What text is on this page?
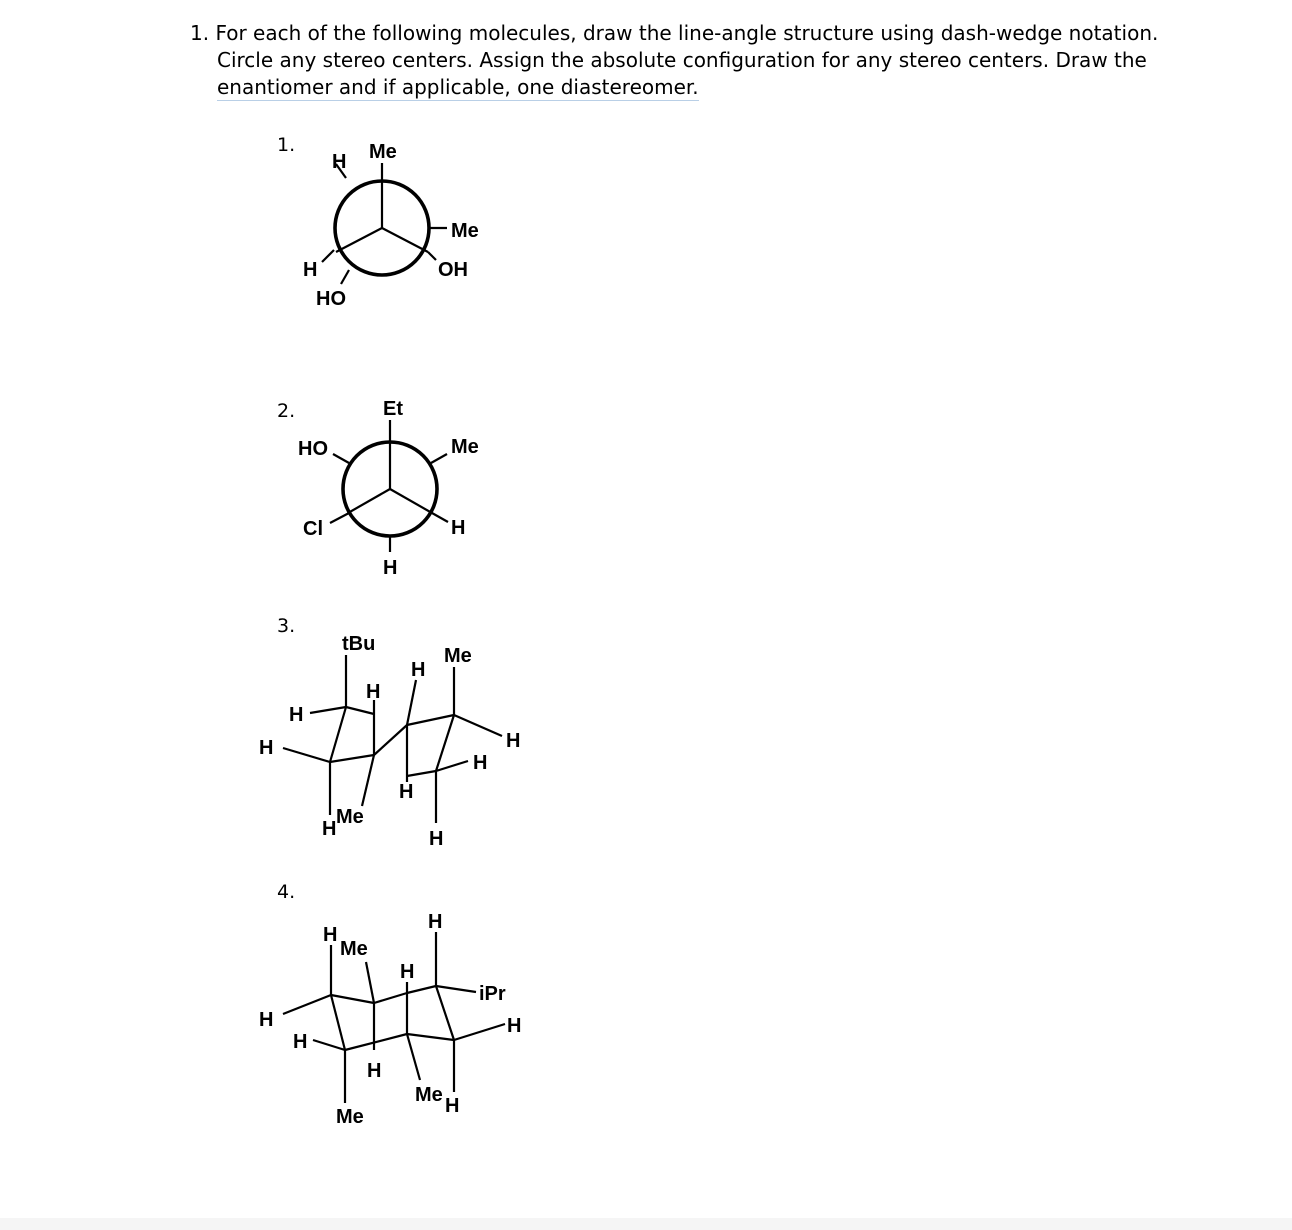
1. For each of the following molecules, draw the line-angle structure using dash-wedge notation.
Circle any stereo centers. Assign the absolute configuration for any stereo centers. Draw the
enantiomer and if applicable, one diastereomer.
1.
2.
3.
4.
Me
H
Me
OH
H
HO
Et
HO	Me
Cl	H
H
tBu
Me
H
H
H
H	H
H
H
Me
H	H
H
H
Me
H
iPr
H	H
H
H
Me H
Me
